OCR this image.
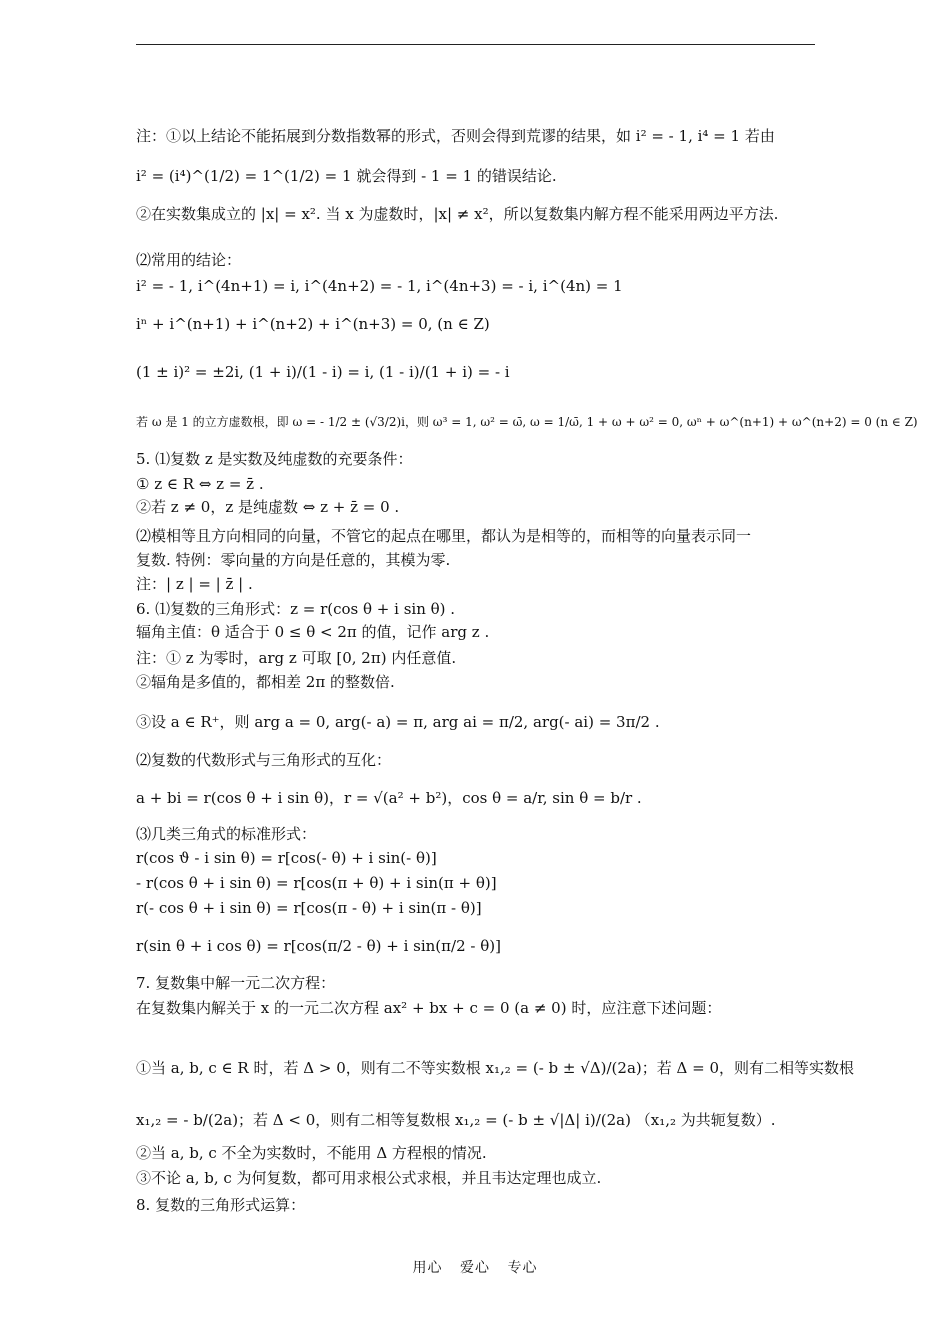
注：①以上结论不能拓展到分数指数幂的形式，否则会得到荒谬的结果，如 i² = - 1, i⁴ = 1 若由
i² = (i⁴)^(1/2) = 1^(1/2) = 1 就会得到 - 1 = 1 的错误结论.
②在实数集成立的 |x| = x². 当 x 为虚数时，|x| ≠ x²，所以复数集内解方程不能采用两边平方法.
⑵常用的结论：
i² = - 1, i^(4n+1) = i, i^(4n+2) = - 1, i^(4n+3) = - i, i^(4n) = 1
iⁿ + i^(n+1) + i^(n+2) + i^(n+3) = 0, (n ∈ Z)
(1 ± i)² = ±2i, (1 + i)/(1 - i) = i, (1 - i)/(1 + i) = - i
若 ω 是 1 的立方虚数根，即 ω = - 1/2 ± (√3/2)i，则 ω³ = 1, ω² = ω̄, ω = 1/ω̄, 1 + ω + ω² = 0, ωⁿ + ω^(n+1) + ω^(n+2) = 0 (n ∈ Z)
5. ⑴复数 z 是实数及纯虚数的充要条件：
① z ∈ R ⇔ z = z̄ .
②若 z ≠ 0，z 是纯虚数 ⇔ z + z̄ = 0 .
⑵模相等且方向相同的向量，不管它的起点在哪里，都认为是相等的，而相等的向量表示同一
复数. 特例：零向量的方向是任意的，其模为零.
注：| z | = | z̄ | .
6. ⑴复数的三角形式：z = r(cos θ + i sin θ) .
辐角主值：θ 适合于 0 ≤ θ < 2π 的值，记作 arg z .
注：① z 为零时，arg z 可取 [0, 2π) 内任意值.
②辐角是多值的，都相差 2π 的整数倍.
③设 a ∈ R⁺，则 arg a = 0, arg(- a) = π, arg ai = π/2, arg(- ai) = 3π/2 .
⑵复数的代数形式与三角形式的互化：
a + bi = r(cos θ + i sin θ)，r = √(a² + b²)，cos θ = a/r, sin θ = b/r .
⑶几类三角式的标准形式：
r(cos ϑ - i sin θ) = r[cos(- θ) + i sin(- θ)]
- r(cos θ + i sin θ) = r[cos(π + θ) + i sin(π + θ)]
r(- cos θ + i sin θ) = r[cos(π - θ) + i sin(π - θ)]
r(sin θ + i cos θ) = r[cos(π/2 - θ) + i sin(π/2 - θ)]
7. 复数集中解一元二次方程：
在复数集内解关于 x 的一元二次方程 ax² + bx + c = 0 (a ≠ 0) 时，应注意下述问题：
①当 a, b, c ∈ R 时，若 Δ > 0，则有二不等实数根 x₁,₂ = (- b ± √Δ)/(2a)；若 Δ = 0，则有二相等实数根
x₁,₂ = - b/(2a)；若 Δ < 0，则有二相等复数根 x₁,₂ = (- b ± √|Δ| i)/(2a) （x₁,₂ 为共轭复数）.
②当 a, b, c 不全为实数时，不能用 Δ 方程根的情况.
③不论 a, b, c 为何复数，都可用求根公式求根，并且韦达定理也成立.
8. 复数的三角形式运算：
用心 爱心 专心
